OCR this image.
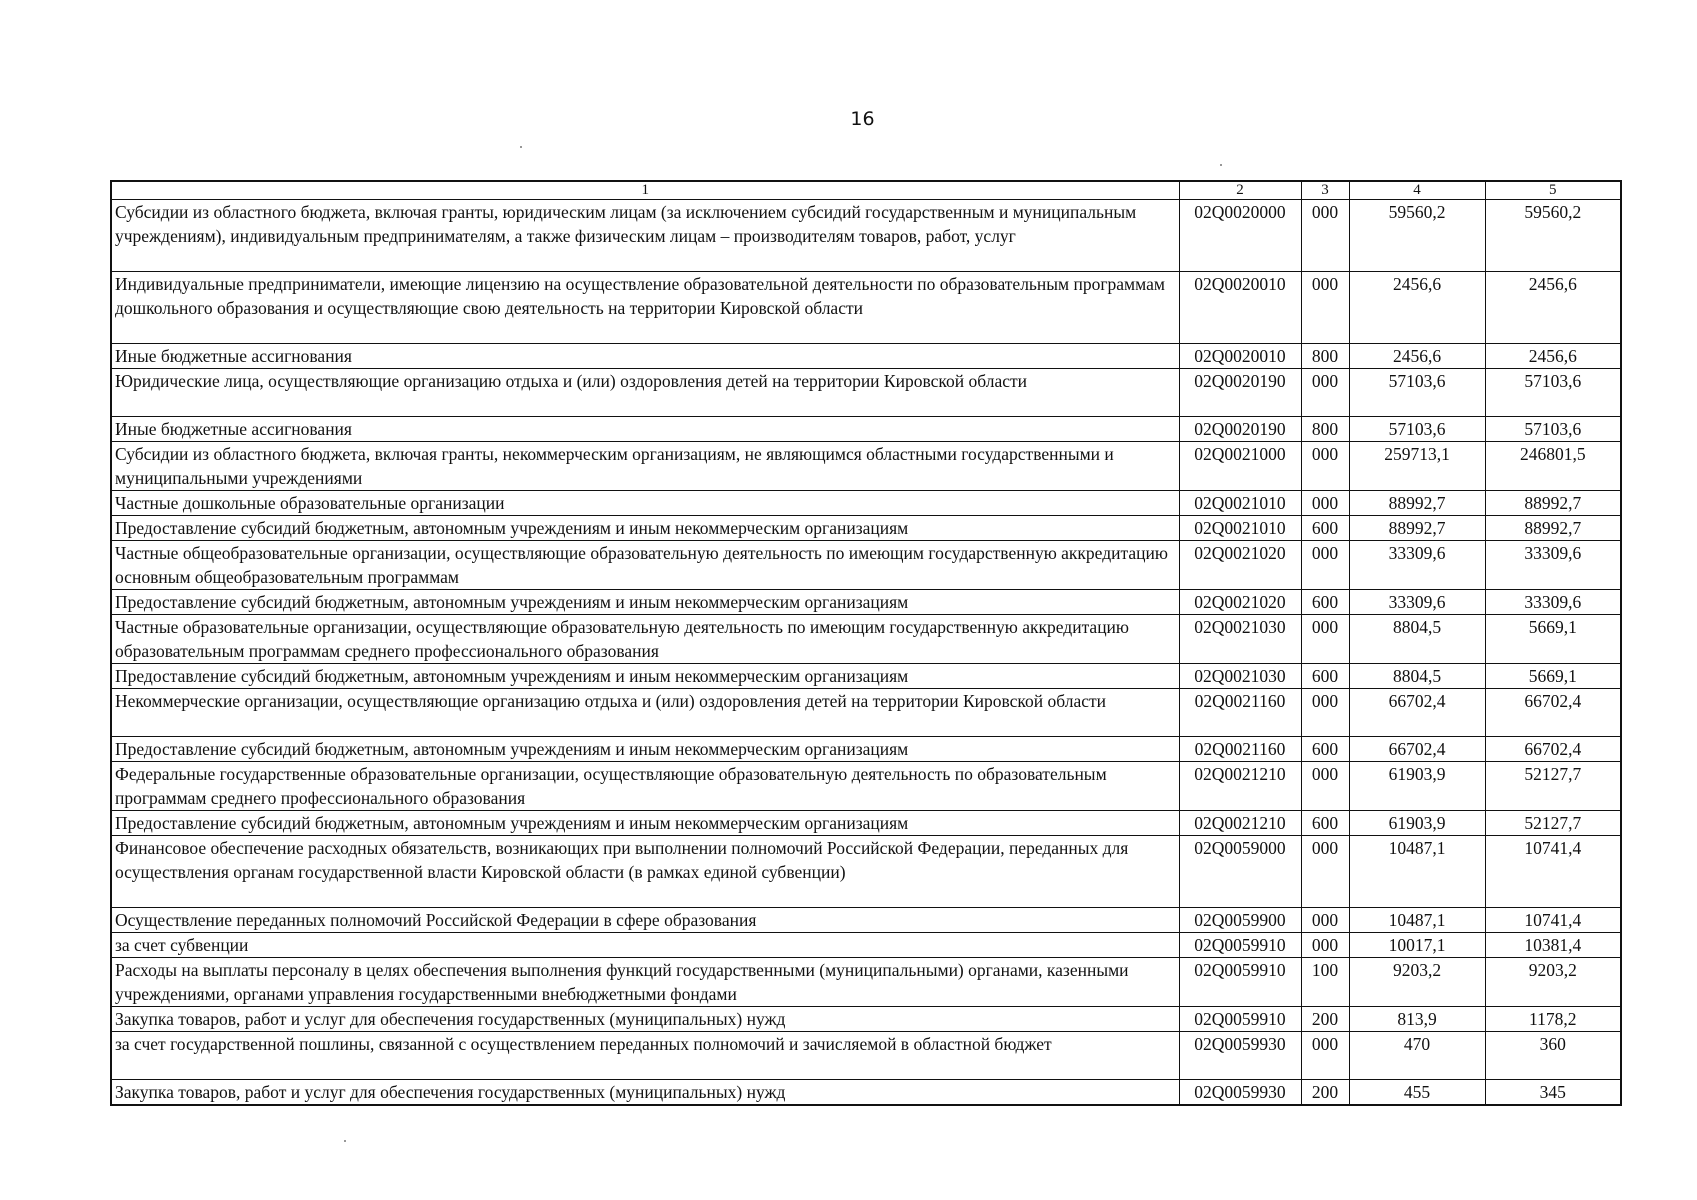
16
1	2	3	4	5
Субсидии из областного бюджета, включая гранты, юридическим лицам (за исключением субсидий государственным и муниципальным учреждениям), индивидуальным предпринимателям, а также физическим лицам – производителям товаров, работ, услуг	02Q0020000	000	59560,2	59560,2
Индивидуальные предприниматели, имеющие лицензию на осуществление образовательной деятельности по образовательным программам дошкольного образования и осуществляющие свою деятельность на территории Кировской области	02Q0020010	000	2456,6	2456,6
Иные бюджетные ассигнования	02Q0020010	800	2456,6	2456,6
Юридические лица, осуществляющие организацию отдыха и (или) оздоровления детей на территории Кировской области	02Q0020190	000	57103,6	57103,6
Иные бюджетные ассигнования	02Q0020190	800	57103,6	57103,6
Субсидии из областного бюджета, включая гранты, некоммерческим организациям, не являющимся областными государственными и муниципальными учреждениями	02Q0021000	000	259713,1	246801,5
Частные дошкольные образовательные организации	02Q0021010	000	88992,7	88992,7
Предоставление субсидий бюджетным, автономным учреждениям и иным некоммерческим организациям	02Q0021010	600	88992,7	88992,7
Частные общеобразовательные организации, осуществляющие образовательную деятельность по имеющим государственную аккредитацию основным общеобразовательным программам	02Q0021020	000	33309,6	33309,6
Предоставление субсидий бюджетным, автономным учреждениям и иным некоммерческим организациям	02Q0021020	600	33309,6	33309,6
Частные образовательные организации, осуществляющие образовательную деятельность по имеющим государственную аккредитацию образовательным программам среднего профессионального образования	02Q0021030	000	8804,5	5669,1
Предоставление субсидий бюджетным, автономным учреждениям и иным некоммерческим организациям	02Q0021030	600	8804,5	5669,1
Некоммерческие организации, осуществляющие организацию отдыха и (или) оздоровления детей на территории Кировской области	02Q0021160	000	66702,4	66702,4
Предоставление субсидий бюджетным, автономным учреждениям и иным некоммерческим организациям	02Q0021160	600	66702,4	66702,4
Федеральные государственные образовательные организации, осуществляющие образовательную деятельность по образовательным программам среднего профессионального образования	02Q0021210	000	61903,9	52127,7
Предоставление субсидий бюджетным, автономным учреждениям и иным некоммерческим организациям	02Q0021210	600	61903,9	52127,7
Финансовое обеспечение расходных обязательств, возникающих при выполнении полномочий Российской Федерации, переданных для осуществления органам государственной власти Кировской области (в рамках единой субвенции)	02Q0059000	000	10487,1	10741,4
Осуществление переданных полномочий Российской Федерации в сфере образования	02Q0059900	000	10487,1	10741,4
за счет субвенции	02Q0059910	000	10017,1	10381,4
Расходы на выплаты персоналу в целях обеспечения выполнения функций государственными (муниципальными) органами, казенными учреждениями, органами управления государственными внебюджетными фондами	02Q0059910	100	9203,2	9203,2
Закупка товаров, работ и услуг для обеспечения государственных (муниципальных) нужд	02Q0059910	200	813,9	1178,2
за счет государственной пошлины, связанной с осуществлением переданных полномочий и зачисляемой в областной бюджет	02Q0059930	000	470	360
Закупка товаров, работ и услуг для обеспечения государственных (муниципальных) нужд	02Q0059930	200	455	345
